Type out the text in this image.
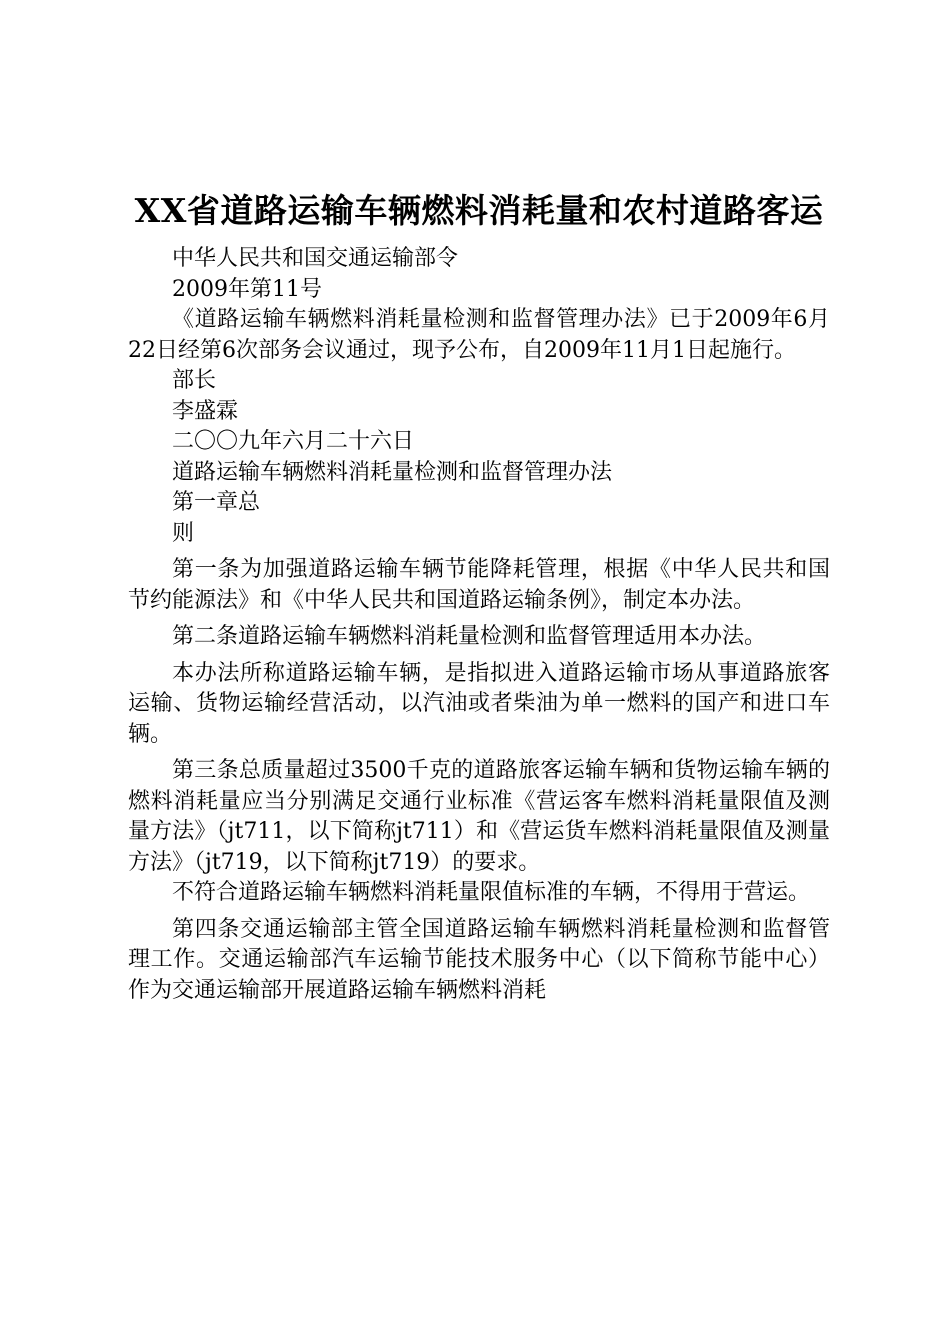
XX省道路运输车辆燃料消耗量和农村道路客运

中华人民共和国交通运输部令

2009年第11号

《道路运输车辆燃料消耗量检测和监督管理办法》已于2009年6月22日经第6次部务会议通过，现予公布，自2009年11月1日起施行。

部长

李盛霖

二〇〇九年六月二十六日

道路运输车辆燃料消耗量检测和监督管理办法

第一章总

则

第一条为加强道路运输车辆节能降耗管理，根据《中华人民共和国节约能源法》和《中华人民共和国道路运输条例》，制定本办法。

第二条道路运输车辆燃料消耗量检测和监督管理适用本办法。

本办法所称道路运输车辆，是指拟进入道路运输市场从事道路旅客运输、货物运输经营活动，以汽油或者柴油为单一燃料的国产和进口车辆。

第三条总质量超过3500千克的道路旅客运输车辆和货物运输车辆的燃料消耗量应当分别满足交通行业标准《营运客车燃料消耗量限值及测量方法》（jt711，以下简称jt711）和《营运货车燃料消耗量限值及测量方法》（jt719，以下简称jt719）的要求。

不符合道路运输车辆燃料消耗量限值标准的车辆，不得用于营运。

第四条交通运输部主管全国道路运输车辆燃料消耗量检测和监督管理工作。交通运输部汽车运输节能技术服务中心（以下简称节能中心）作为交通运输部开展道路运输车辆燃料消耗
